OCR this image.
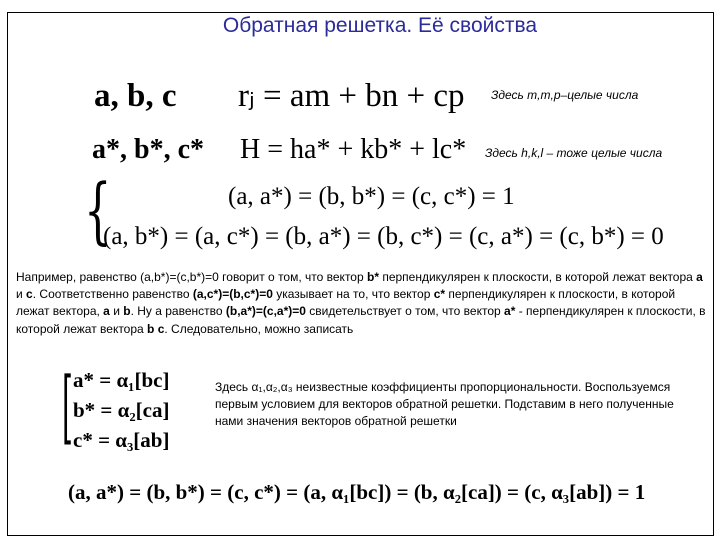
Обратная решетка. Её свойства
a, b, c rⱼ = am + bn + cp Здесь m,m,p–целые числа
a*, b*, c* H = ha* + kb* + lc* Здесь h,k,l – тоже целые числа
{	(a, a*) = (b, b*) = (c, c*) = 1
(a, b*) = (a, c*) = (b, a*) = (b, c*) = (c, a*) = (c, b*) = 0
Например, равенство (a,b*)=(c,b*)=0 говорит о том, что вектор b* перпендикулярен к плоскости, в которой лежат вектора a и c. Соответственно равенство (a,c*)=(b,c*)=0 указывает на то, что вектор c* перпендикулярен к плоскости, в которой лежат вектора, a и b. Ну а равенство (b,a*)=(c,a*)=0 свидетельствует о том, что вектор a* - перпендикулярен к плоскости, в которой лежат вектора b c. Следовательно, можно записать
[ a* = α₁[bc]
b* = α₂[ca]
c* = α₃[ab]
Здесь α₁,α₂,α₃ неизвестные коэффициенты пропорциональности. Воспользуемся первым условием для векторов обратной решетки. Подставим в него полученные нами значения векторов обратной решетки
(a, a*) = (b, b*) = (c, c*) = (a, α₁[bc]) = (b, α₂[ca]) = (c, α₃[ab]) = 1
